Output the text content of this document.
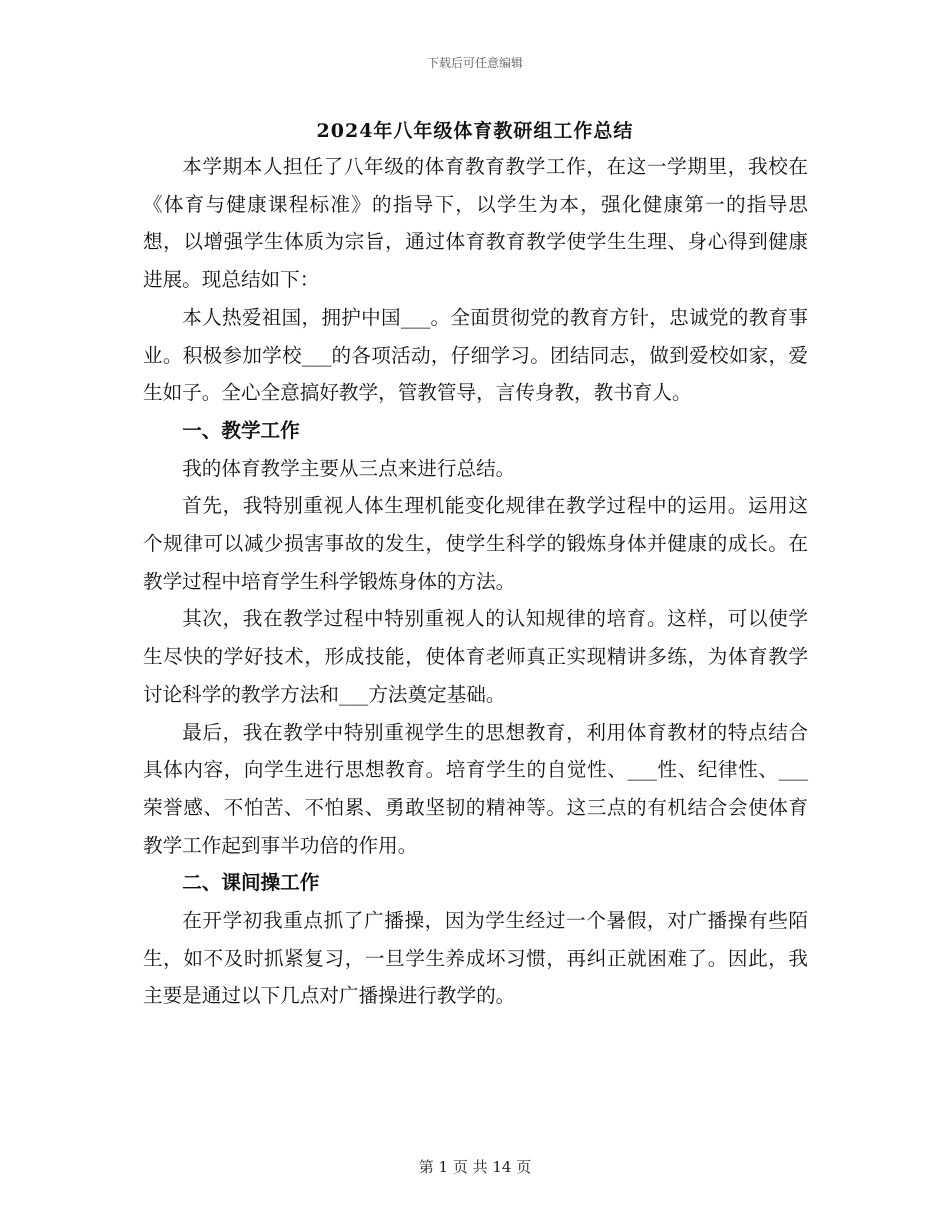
下载后可任意编辑
2024年八年级体育教研组工作总结

本学期本人担任了八年级的体育教育教学工作，在这一学期里，我校在《体育与健康课程标准》的指导下，以学生为本，强化健康第一的指导思想，以增强学生体质为宗旨，通过体育教育教学使学生生理、身心得到健康进展。现总结如下：

本人热爱祖国，拥护中国___。全面贯彻党的教育方针，忠诚党的教育事业。积极参加学校___的各项活动，仔细学习。团结同志，做到爱校如家，爱生如子。全心全意搞好教学，管教管导，言传身教，教书育人。

一、教学工作

我的体育教学主要从三点来进行总结。

首先，我特别重视人体生理机能变化规律在教学过程中的运用。运用这个规律可以减少损害事故的发生，使学生科学的锻炼身体并健康的成长。在教学过程中培育学生科学锻炼身体的方法。

其次，我在教学过程中特别重视人的认知规律的培育。这样，可以使学生尽快的学好技术，形成技能，使体育老师真正实现精讲多练，为体育教学讨论科学的教学方法和___方法奠定基础。

最后，我在教学中特别重视学生的思想教育，利用体育教材的特点结合具体内容，向学生进行思想教育。培育学生的自觉性、___性、纪律性、___荣誉感、不怕苦、不怕累、勇敢坚韧的精神等。这三点的有机结合会使体育教学工作起到事半功倍的作用。

二、课间操工作

在开学初我重点抓了广播操，因为学生经过一个暑假，对广播操有些陌生，如不及时抓紧复习，一旦学生养成坏习惯，再纠正就困难了。因此，我主要是通过以下几点对广播操进行教学的。

第 1 页 共 14 页
